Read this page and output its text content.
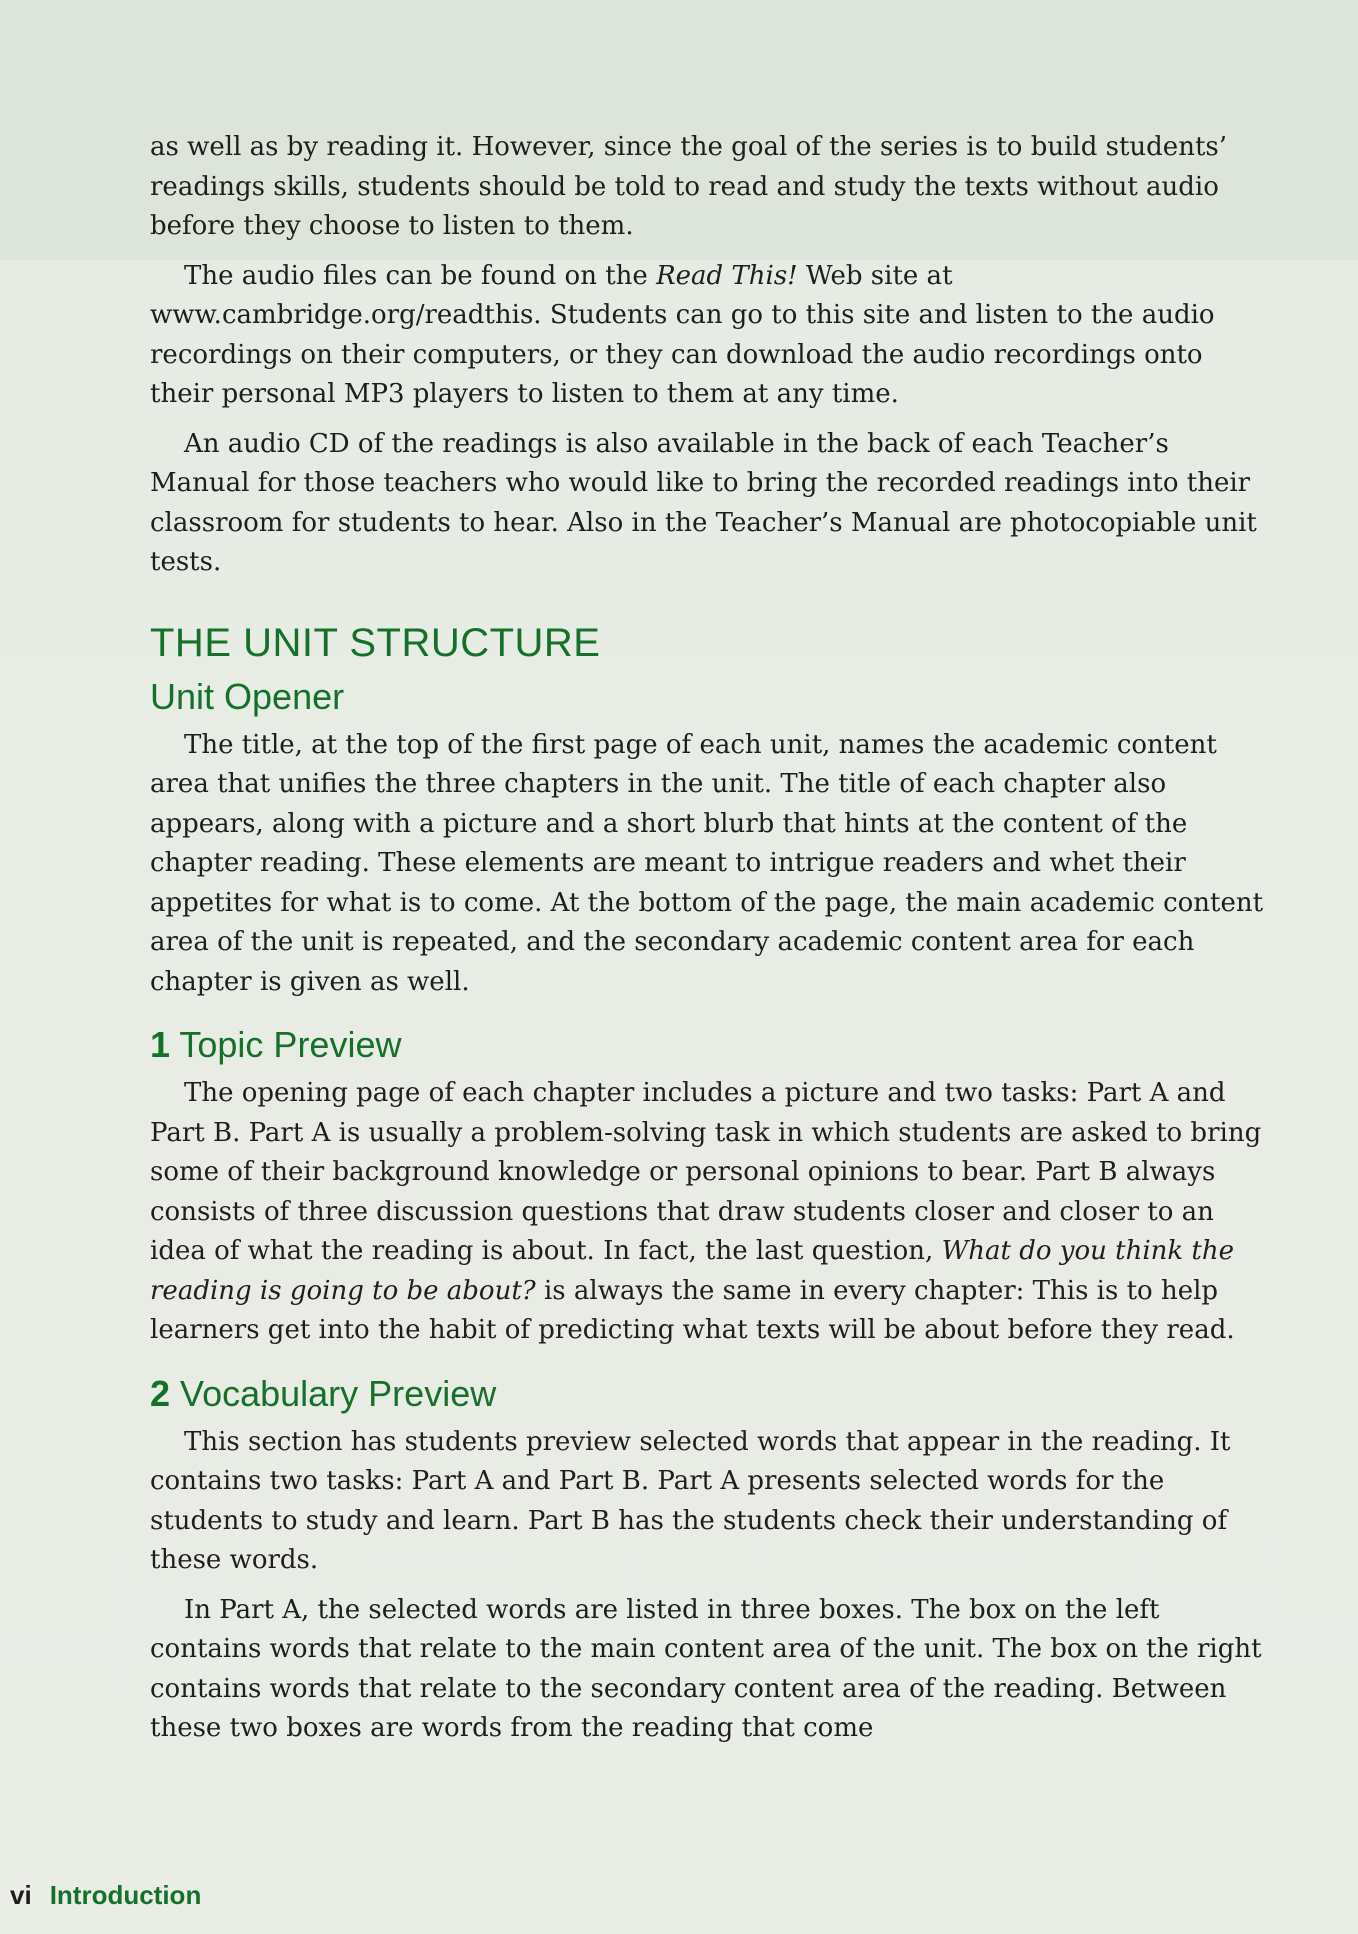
as well as by reading it. However, since the goal of the series is to build students’ readings skills, students should be told to read and study the texts without audio before they choose to listen to them.

The audio files can be found on the Read This! Web site at www.cambridge.org/readthis. Students can go to this site and listen to the audio recordings on their computers, or they can download the audio recordings onto their personal MP3 players to listen to them at any time.

An audio CD of the readings is also available in the back of each Teacher’s Manual for those teachers who would like to bring the recorded readings into their classroom for students to hear. Also in the Teacher’s Manual are photocopiable unit tests.

THE UNIT STRUCTURE
Unit Opener

The title, at the top of the first page of each unit, names the academic content area that unifies the three chapters in the unit. The title of each chapter also appears, along with a picture and a short blurb that hints at the content of the chapter reading. These elements are meant to intrigue readers and whet their appetites for what is to come. At the bottom of the page, the main academic content area of the unit is repeated, and the secondary academic content area for each chapter is given as well.

1 Topic Preview

The opening page of each chapter includes a picture and two tasks: Part A and Part B. Part A is usually a problem-solving task in which students are asked to bring some of their background knowledge or personal opinions to bear. Part B always consists of three discussion questions that draw students closer and closer to an idea of what the reading is about. In fact, the last question, What do you think the reading is going to be about? is always the same in every chapter: This is to help learners get into the habit of predicting what texts will be about before they read.

2 Vocabulary Preview

This section has students preview selected words that appear in the reading. It contains two tasks: Part A and Part B. Part A presents selected words for the students to study and learn. Part B has the students check their understanding of these words.

In Part A, the selected words are listed in three boxes. The box on the left contains words that relate to the main content area of the unit. The box on the right contains words that relate to the secondary content area of the reading. Between these two boxes are words from the reading that come

vi Introduction
